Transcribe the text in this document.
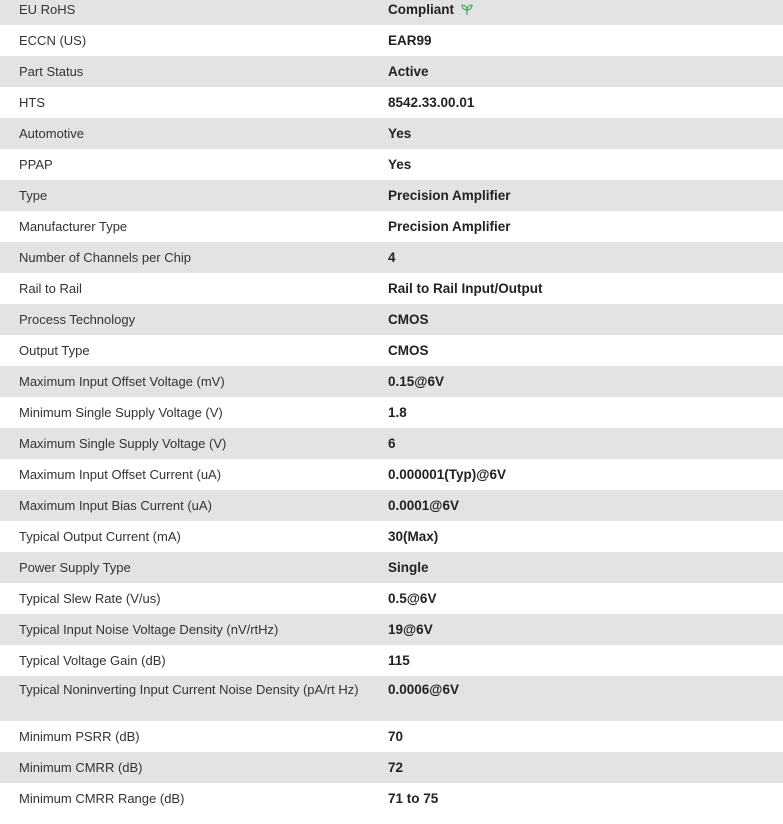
EU RoHS	Compliant
ECCN (US)	EAR99
Part Status	Active
HTS	8542.33.00.01
Automotive	Yes
PPAP	Yes
Type	Precision Amplifier
Manufacturer Type	Precision Amplifier
Number of Channels per Chip	4
Rail to Rail	Rail to Rail Input/Output
Process Technology	CMOS
Output Type	CMOS
Maximum Input Offset Voltage (mV)	0.15@6V
Minimum Single Supply Voltage (V)	1.8
Maximum Single Supply Voltage (V)	6
Maximum Input Offset Current (uA)	0.000001(Typ)@6V
Maximum Input Bias Current (uA)	0.0001@6V
Typical Output Current (mA)	30(Max)
Power Supply Type	Single
Typical Slew Rate (V/us)	0.5@6V
Typical Input Noise Voltage Density (nV/rtHz)	19@6V
Typical Voltage Gain (dB)	115
Typical Noninverting Input Current Noise Density (pA/rt Hz)	0.0006@6V
Minimum PSRR (dB)	70
Minimum CMRR (dB)	72
Minimum CMRR Range (dB)	71 to 75
